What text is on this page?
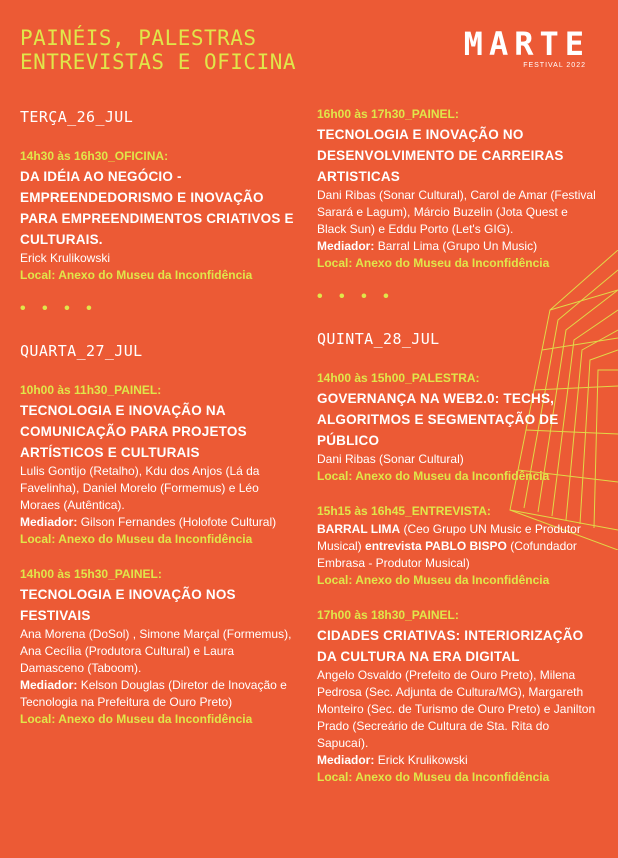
PAINÉIS, PALESTRAS
ENTREVISTAS E OFICINA	MARTE
FESTIVAL 2022
TERÇA_26_JUL
14h30 às 16h30_OFICINA:
DA IDÉIA AO NEGÓCIO - EMPREENDEDORISMO E INOVAÇÃO PARA EMPREENDIMENTOS CRIATIVOS E CULTURAIS.
Erick Krulikowski
Local: Anexo do Museu da Inconfidência
• • • •
QUARTA_27_JUL
10h00 às 11h30_PAINEL:
TECNOLOGIA E INOVAÇÃO NA COMUNICAÇÃO PARA PROJETOS ARTÍSTICOS E CULTURAIS
Lulis Gontijo (Retalho), Kdu dos Anjos (Lá da Favelinha), Daniel Morelo (Formemus) e Léo Moraes (Autêntica).
Mediador: Gilson Fernandes (Holofote Cultural)
Local: Anexo do Museu da Inconfidência
14h00 às 15h30_PAINEL:
TECNOLOGIA E INOVAÇÃO NOS FESTIVAIS
Ana Morena (DoSol) , Simone Marçal (Formemus), Ana Cecília (Produtora Cultural) e Laura Damasceno (Taboom).
Mediador: Kelson Douglas (Diretor de Inovação e Tecnologia na Prefeitura de Ouro Preto)
Local: Anexo do Museu da Inconfidência
16h00 às 17h30_PAINEL:
TECNOLOGIA E INOVAÇÃO NO DESENVOLVIMENTO DE CARREIRAS ARTISTICAS
Dani Ribas (Sonar Cultural), Carol de Amar (Festival Sarará e Lagum), Márcio Buzelin (Jota Quest e Black Sun) e Eddu Porto (Let's GIG).
Mediador: Barral Lima (Grupo Un Music)
Local: Anexo do Museu da Inconfidência
• • • •
QUINTA_28_JUL
14h00 às 15h00_PALESTRA:
GOVERNANÇA NA WEB2.0: TECHS, ALGORITMOS E SEGMENTAÇÃO DE PÚBLICO
Dani Ribas (Sonar Cultural)
Local: Anexo do Museu da Inconfidência
15h15 às 16h45_ENTREVISTA:
BARRAL LIMA (Ceo Grupo UN Music e Produtor Musical) entrevista PABLO BISPO (Cofundador Embrasa - Produtor Musical)
Local: Anexo do Museu da Inconfidência
17h00 às 18h30_PAINEL:
CIDADES CRIATIVAS: INTERIORIZAÇÃO DA CULTURA NA ERA DIGITAL
Angelo Osvaldo (Prefeito de Ouro Preto), Milena Pedrosa (Sec. Adjunta de Cultura/MG), Margareth Monteiro (Sec. de Turismo de Ouro Preto) e Janilton Prado (Secreário de Cultura de Sta. Rita do Sapucaí).
Mediador: Erick Krulikowski
Local: Anexo do Museu da Inconfidência
